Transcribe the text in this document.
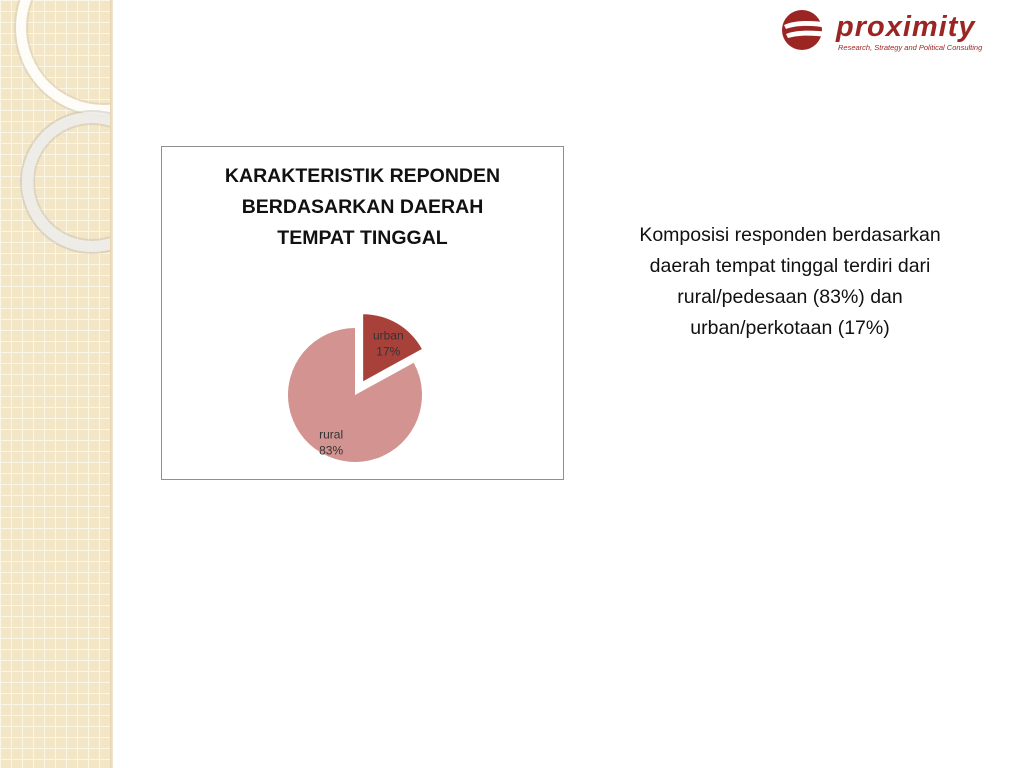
proximity
Research, Strategy and Political Consulting
KARAKTERISTIK REPONDEN
BERDASARKAN DAERAH
TEMPAT TINGGAL
urban
17%
rural
83%
Komposisi responden berdasarkan
daerah tempat tinggal terdiri dari
rural/pedesaan (83%) dan
urban/perkotaan (17%)
